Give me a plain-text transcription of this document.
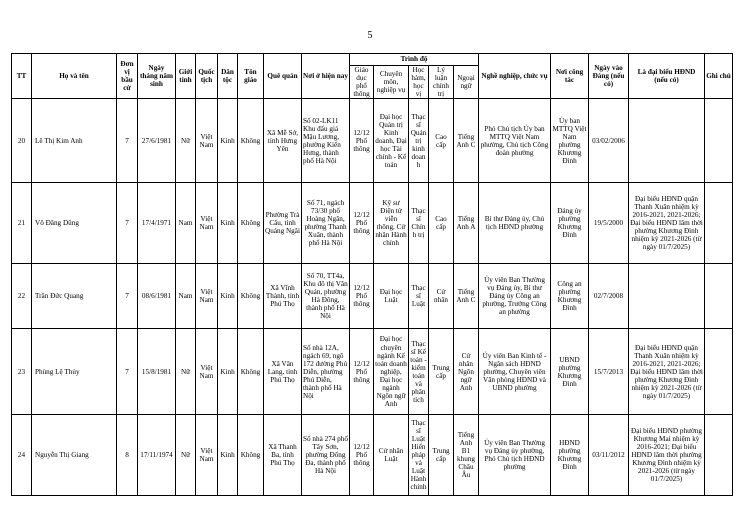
5
TT	Họ và tên	Đơn vị bầu cử	Ngày tháng năm sinh	Giới tính	Quốc tịch	Dân tộc	Tôn giáo	Quê quán	Nơi ở hiện nay	Trình độ					Nghề nghiệp, chức vụ	Nơi công tác	Ngày vào Đảng (nếu có)	Là đại biểu HĐND (nếu có)	Ghi chú
										Giáo dục phổ thông	Chuyên môn, nghiệp vụ	Học hàm, học vị	Lý luận chính trị	Ngoại ngữ					
20	Lê Thị Kim Anh	7	27/6/1981	Nữ	Việt Nam	Kinh	Không	Xã Mễ Sở, tỉnh Hưng Yên	Số 02-LK11 Khu đấu giá Mậu Lương, phường Kiến Hưng, thành phố Hà Nội	12/12 Phổ thông	Đại học Quản trị Kinh doanh, Đại học Tài chính - Kế toán	Thạc sĩ Quản trị kinh doanh	Cao cấp	Tiếng Anh C	Phó Chủ tịch Ủy ban MTTQ Việt Nam phường, Chủ tịch Công đoàn phường	Ủy ban MTTQ Việt Nam phường Khương Đình	03/02/2006		
21	Võ Đăng Dũng	7	17/4/1971	Nam	Việt Nam	Kinh	Không	Phường Trà Câu, tỉnh Quảng Ngãi	Số 71, ngách 73/30 phố Hoàng Ngân, phường Thanh Xuân, thành phố Hà Nội	12/12 Phổ thông	Kỹ sư Điện tử viễn thông, Cử nhân Hành chính	Thạc sĩ Chính trị	Cao cấp	Tiếng Anh A	Bí thư Đảng ủy, Chủ tịch HĐND phường	Đảng ủy phường Khương Đình	19/5/2000	Đại biểu HĐND quận Thanh Xuân nhiệm kỳ 2016-2021, 2021-2026; Đại biểu HĐND lâm thời phường Khương Đình nhiệm kỳ 2021-2026 (từ ngày 01/7/2025)	
22	Trần Đức Quang	7	08/6/1981	Nam	Việt Nam	Kinh	Không	Xã Vĩnh Thành, tỉnh Phú Thọ	Số 70, TT4a, Khu đô thị Văn Quán, phường Hà Đông, thành phố Hà Nội	12/12 Phổ thông	Đại học Luật	Thạc sĩ Luật	Cử nhân	Tiếng Anh C	Ủy viên Ban Thường vụ Đảng ủy, Bí thư Đảng ủy Công an phường, Trưởng Công an phường	Công an phường Khương Đình	02/7/2008		
23	Phùng Lệ Thủy	7	15/8/1981	Nữ	Việt Nam	Kinh	Không	Xã Văn Lang, tỉnh Phú Thọ	Số nhà 12A, ngách 69, ngõ 172 đường Phú Diễn, phường Phú Diễn, thành phố Hà Nội	12/12 Phổ thông	Đại học chuyên ngành Kế toán doanh nghiệp, Đại học ngành Ngôn ngữ Anh	Thạc sĩ Kế toán - kiểm toán và phân tích	Trung cấp	Cử nhân Ngôn ngữ Anh	Ủy viên Ban Kinh tế - Ngân sách HĐND phường, Chuyên viên Văn phòng HĐND và UBND phường	UBND phường Khương Đình	15/7/2013	Đại biểu HĐND quận Thanh Xuân nhiệm kỳ 2016-2021, 2021-2026; Đại biểu HĐND lâm thời phường Khương Đình nhiệm kỳ 2021-2026 (từ ngày 01/7/2025)	
24	Nguyễn Thị Giang	8	17/11/1974	Nữ	Việt Nam	Kinh	Không	Xã Thanh Ba, tỉnh Phú Thọ	Số nhà 274 phố Tây Sơn, phường Đống Đa, thành phố Hà Nội	12/12 Phổ thông	Cử nhân Luật	Thạc sĩ Luật Hiến pháp và Luật Hành chính	Trung cấp	Tiếng Anh B1 khung Châu Âu	Ủy viên Ban Thường vụ Đảng ủy phường, Phó Chủ tịch HĐND phường	HĐND phường Khương Đình	03/11/2012	Đại biểu HĐND phường Khương Mai nhiệm kỳ 2016-2021; Đại biểu HĐND lâm thời phường Khương Đình nhiệm kỳ 2021-2026 (từ ngày 01/7/2025)	
